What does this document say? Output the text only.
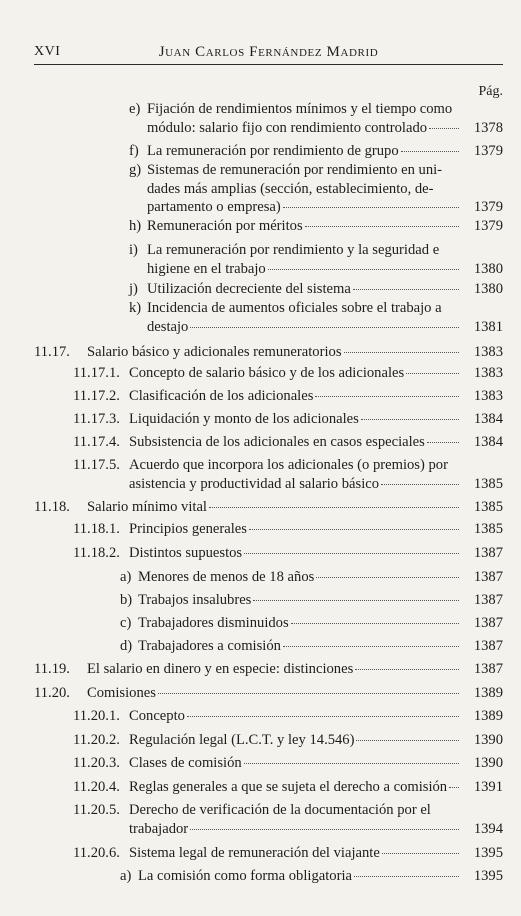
XVI	Juan Carlos Fernández Madrid
Pág.
e) Fijación de rendimientos mínimos y el tiempo como
módulo: salario fijo con rendimiento controlado	1378
f) La remuneración por rendimiento de grupo	1379
g) Sistemas de remuneración por rendimiento en uni-
dades más amplias (sección, establecimiento, de-
partamento o empresa)	1379
h) Remuneración por méritos	1379
i) La remuneración por rendimiento y la seguridad e
higiene en el trabajo	1380
j) Utilización decreciente del sistema	1380
k) Incidencia de aumentos oficiales sobre el trabajo a
destajo	1381
11.17. Salario básico y adicionales remuneratorios	1383
11.17.1. Concepto de salario básico y de los adicionales	1383
11.17.2. Clasificación de los adicionales	1383
11.17.3. Liquidación y monto de los adicionales	1384
11.17.4. Subsistencia de los adicionales en casos especiales	1384
11.17.5. Acuerdo que incorpora los adicionales (o premios) por
asistencia y productividad al salario básico	1385
11.18. Salario mínimo vital	1385
11.18.1. Principios generales	1385
11.18.2. Distintos supuestos	1387
a) Menores de menos de 18 años	1387
b) Trabajos insalubres	1387
c) Trabajadores disminuidos	1387
d) Trabajadores a comisión	1387
11.19. El salario en dinero y en especie: distinciones	1387
11.20. Comisiones	1389
11.20.1. Concepto	1389
11.20.2. Regulación legal (L.C.T. y ley 14.546)	1390
11.20.3. Clases de comisión	1390
11.20.4. Reglas generales a que se sujeta el derecho a comisión	1391
11.20.5. Derecho de verificación de la documentación por el
trabajador	1394
11.20.6. Sistema legal de remuneración del viajante	1395
a) La comisión como forma obligatoria	1395
